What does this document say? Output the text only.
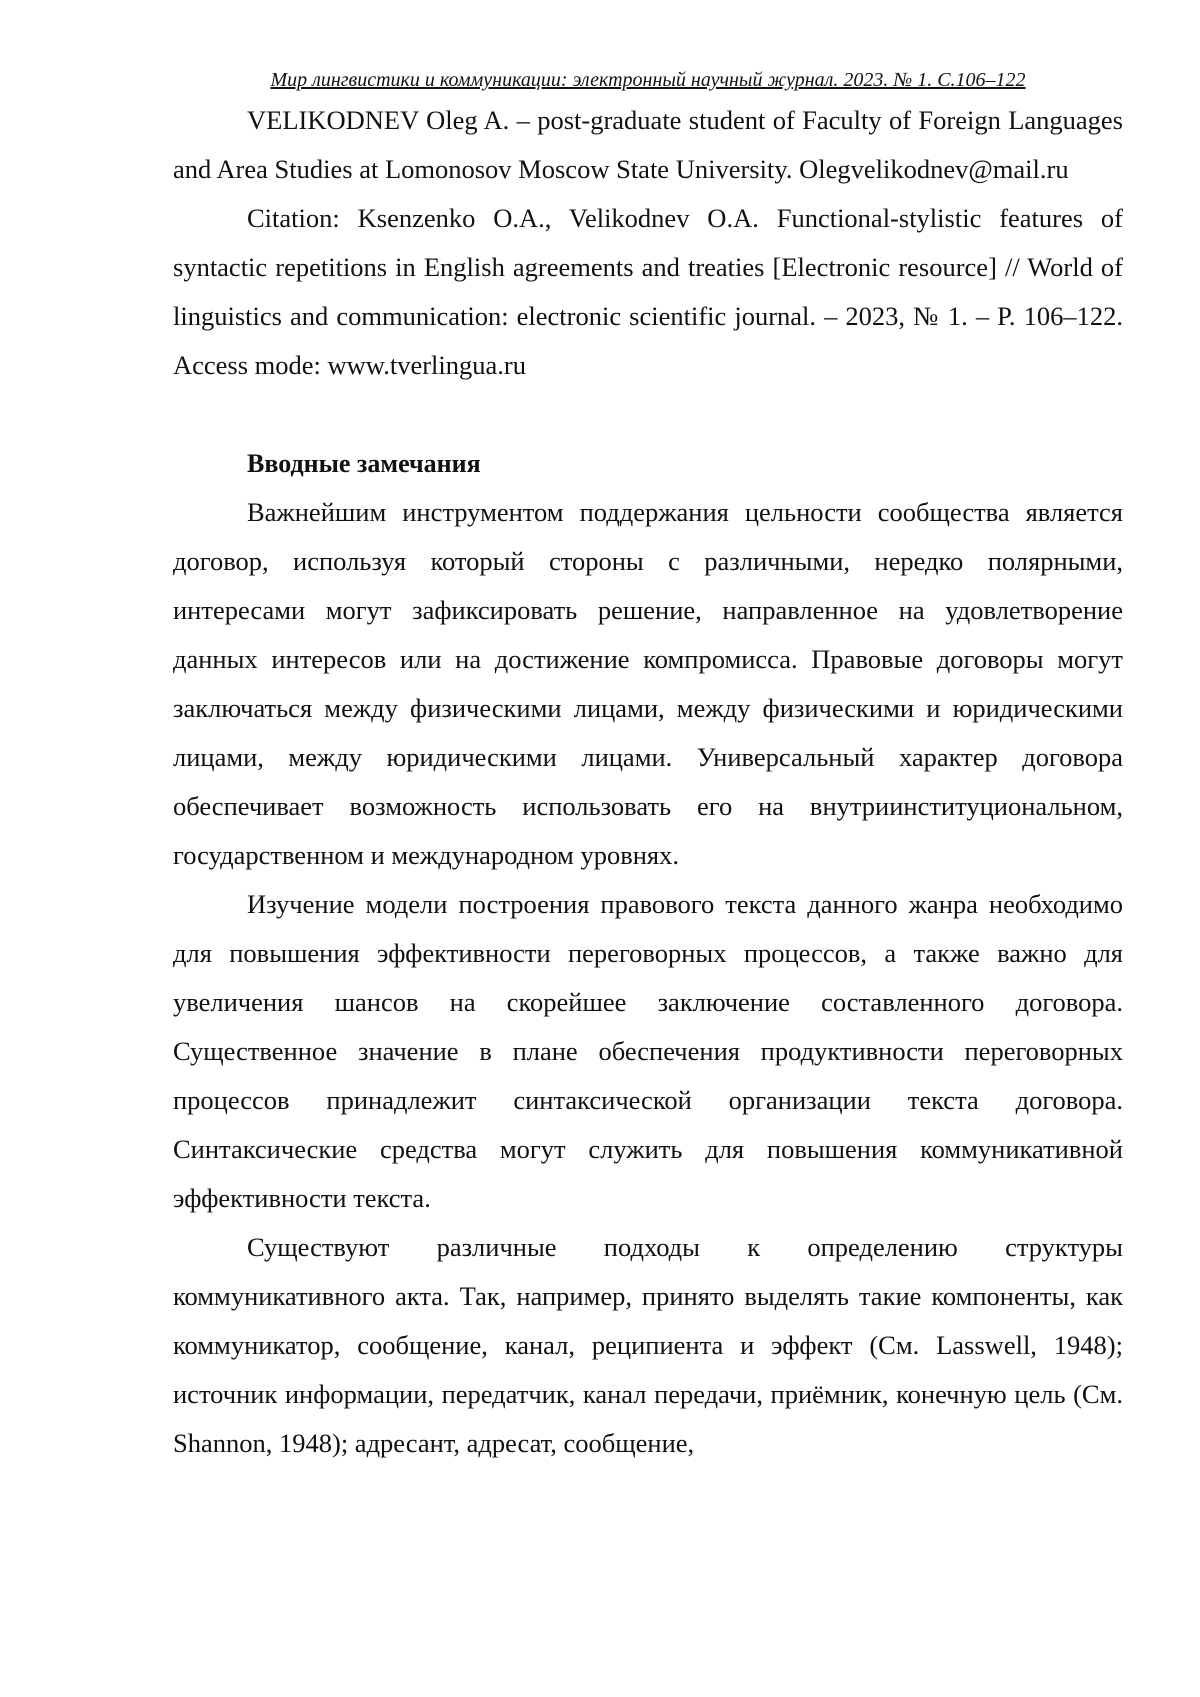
Мир лингвистики и коммуникации: электронный научный журнал. 2023. № 1. С.106–122

VELIKODNEV Oleg A. – post-graduate student of Faculty of Foreign Languages and Area Studies at Lomonosov Moscow State University. Olegvelikodnev@mail.ru

Citation: Ksenzenko O.A., Velikodnev O.A. Functional-stylistic features of syntactic repetitions in English agreements and treaties [Electronic resource] // World of linguistics and communication: electronic scientific journal. – 2023, № 1. – P. 106–122. Access mode: www.tverlingua.ru

Вводные замечания

Важнейшим инструментом поддержания цельности сообщества является договор, используя который стороны с различными, нередко полярными, интересами могут зафиксировать решение, направленное на удовлетворение данных интересов или на достижение компромисса. Правовые договоры могут заключаться между физическими лицами, между физическими и юридическими лицами, между юридическими лицами. Универсальный характер договора обеспечивает возможность использовать его на внутриинституциональном, государственном и международном уровнях.

Изучение модели построения правового текста данного жанра необходимо для повышения эффективности переговорных процессов, а также важно для увеличения шансов на скорейшее заключение составленного договора. Существенное значение в плане обеспечения продуктивности переговорных процессов принадлежит синтаксической организации текста договора. Синтаксические средства могут служить для повышения коммуникативной эффективности текста.

Существуют различные подходы к определению структуры коммуникативного акта. Так, например, принято выделять такие компоненты, как коммуникатор, сообщение, канал, реципиента и эффект (См. Lasswell, 1948); источник информации, передатчик, канал передачи, приёмник, конечную цель (См. Shannon, 1948); адресант, адресат, сообщение,
